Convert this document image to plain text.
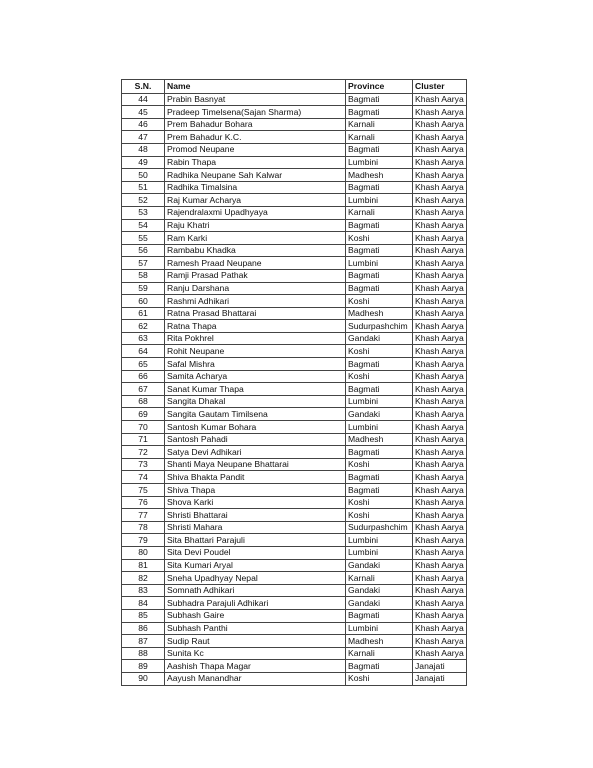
S.N.	Name	Province	Cluster
44	Prabin Basnyat	Bagmati	Khash Aarya
45	Pradeep Timelsena(Sajan Sharma)	Bagmati	Khash Aarya
46	Prem Bahadur Bohara	Karnali	Khash Aarya
47	Prem Bahadur K.C.	Karnali	Khash Aarya
48	Promod Neupane	Bagmati	Khash Aarya
49	Rabin Thapa	Lumbini	Khash Aarya
50	Radhika Neupane Sah Kalwar	Madhesh	Khash Aarya
51	Radhika Timalsina	Bagmati	Khash Aarya
52	Raj Kumar Acharya	Lumbini	Khash Aarya
53	Rajendralaxmi Upadhyaya	Karnali	Khash Aarya
54	Raju Khatri	Bagmati	Khash Aarya
55	Ram Karki	Koshi	Khash Aarya
56	Rambabu Khadka	Bagmati	Khash Aarya
57	Ramesh Praad Neupane	Lumbini	Khash Aarya
58	Ramji Prasad Pathak	Bagmati	Khash Aarya
59	Ranju Darshana	Bagmati	Khash Aarya
60	Rashmi Adhikari	Koshi	Khash Aarya
61	Ratna Prasad Bhattarai	Madhesh	Khash Aarya
62	Ratna Thapa	Sudurpashchim	Khash Aarya
63	Rita Pokhrel	Gandaki	Khash Aarya
64	Rohit Neupane	Koshi	Khash Aarya
65	Safal Mishra	Bagmati	Khash Aarya
66	Samita Acharya	Koshi	Khash Aarya
67	Sanat Kumar Thapa	Bagmati	Khash Aarya
68	Sangita Dhakal	Lumbini	Khash Aarya
69	Sangita Gautam Timilsena	Gandaki	Khash Aarya
70	Santosh Kumar Bohara	Lumbini	Khash Aarya
71	Santosh Pahadi	Madhesh	Khash Aarya
72	Satya Devi Adhikari	Bagmati	Khash Aarya
73	Shanti Maya Neupane Bhattarai	Koshi	Khash Aarya
74	Shiva Bhakta Pandit	Bagmati	Khash Aarya
75	Shiva Thapa	Bagmati	Khash Aarya
76	Shova Karki	Koshi	Khash Aarya
77	Shristi Bhattarai	Koshi	Khash Aarya
78	Shristi Mahara	Sudurpashchim	Khash Aarya
79	Sita Bhattari Parajuli	Lumbini	Khash Aarya
80	Sita Devi Poudel	Lumbini	Khash Aarya
81	Sita Kumari Aryal	Gandaki	Khash Aarya
82	Sneha Upadhyay Nepal	Karnali	Khash Aarya
83	Somnath Adhikari	Gandaki	Khash Aarya
84	Subhadra Parajuli Adhikari	Gandaki	Khash Aarya
85	Subhash Gaire	Bagmati	Khash Aarya
86	Subhash Panthi	Lumbini	Khash Aarya
87	Sudip Raut	Madhesh	Khash Aarya
88	Sunita Kc	Karnali	Khash Aarya
89	Aashish Thapa Magar	Bagmati	Janajati
90	Aayush Manandhar	Koshi	Janajati
